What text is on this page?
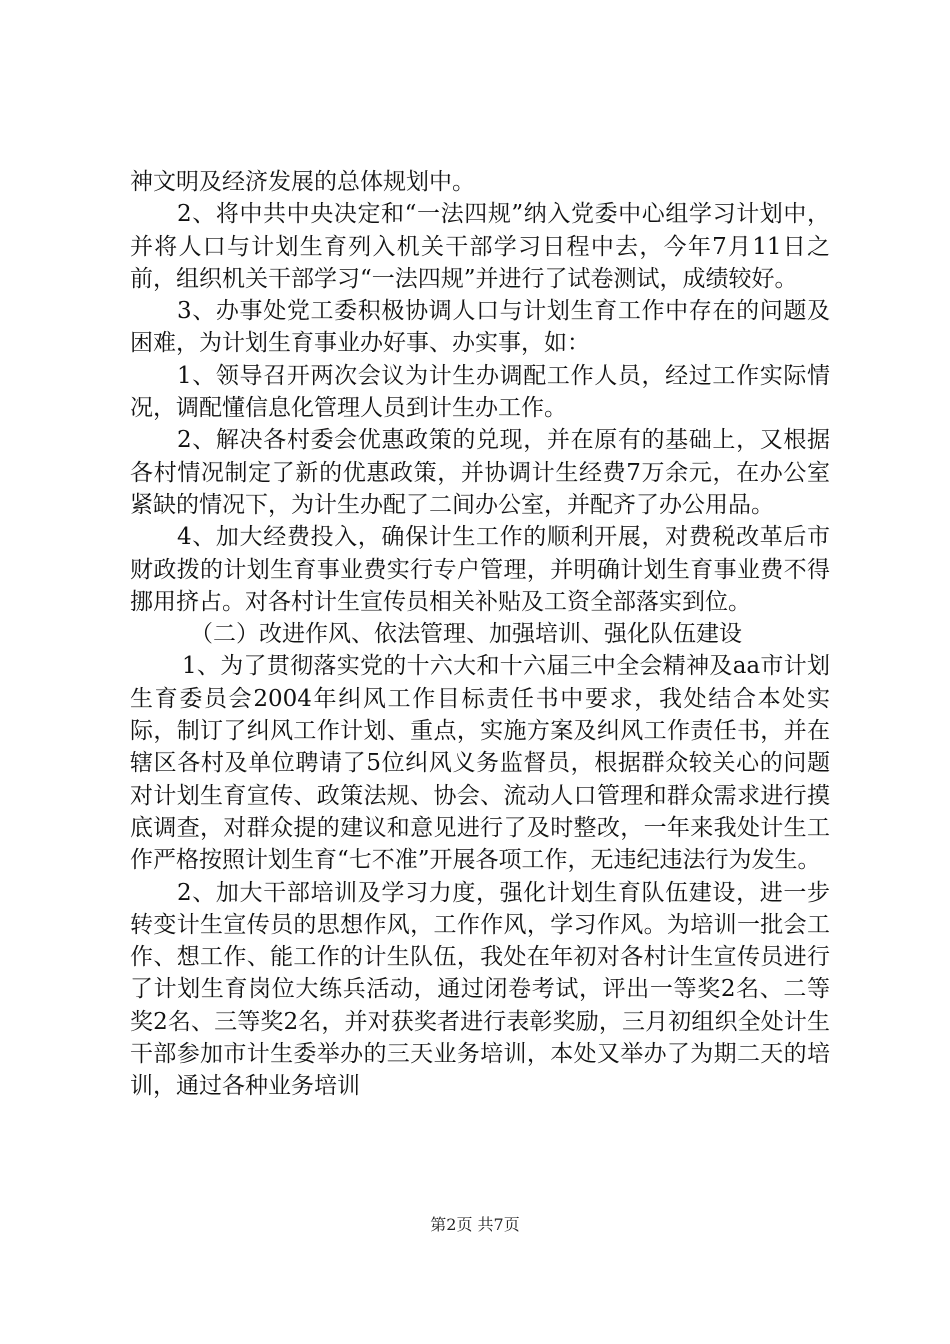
神文明及经济发展的总体规划中。

2、将中共中央决定和“一法四规”纳入党委中心组学习计划中，并将人口与计划生育列入机关干部学习日程中去，今年7月11日之前，组织机关干部学习“一法四规”并进行了试卷测试，成绩较好。

3、办事处党工委积极协调人口与计划生育工作中存在的问题及困难，为计划生育事业办好事、办实事，如：

1、领导召开两次会议为计生办调配工作人员，经过工作实际情况，调配懂信息化管理人员到计生办工作。

2、解决各村委会优惠政策的兑现，并在原有的基础上，又根据各村情况制定了新的优惠政策，并协调计生经费7万余元，在办公室紧缺的情况下，为计生办配了二间办公室，并配齐了办公用品。

4、加大经费投入，确保计生工作的顺利开展，对费税改革后市财政拨的计划生育事业费实行专户管理，并明确计划生育事业费不得挪用挤占。对各村计生宣传员相关补贴及工资全部落实到位。

（二）改进作风、依法管理、加强培训、强化队伍建设

1、为了贯彻落实党的十六大和十六届三中全会精神及aa市计划生育委员会2004年纠风工作目标责任书中要求，我处结合本处实际，制订了纠风工作计划、重点，实施方案及纠风工作责任书，并在辖区各村及单位聘请了5位纠风义务监督员，根据群众较关心的问题对计划生育宣传、政策法规、协会、流动人口管理和群众需求进行摸底调查，对群众提的建议和意见进行了及时整改，一年来我处计生工作严格按照计划生育“七不准”开展各项工作，无违纪违法行为发生。

2、加大干部培训及学习力度，强化计划生育队伍建设，进一步转变计生宣传员的思想作风，工作作风，学习作风。为培训一批会工作、想工作、能工作的计生队伍，我处在年初对各村计生宣传员进行了计划生育岗位大练兵活动，通过闭卷考试，评出一等奖2名、二等奖2名、三等奖2名，并对获奖者进行表彰奖励，三月初组织全处计生干部参加市计生委举办的三天业务培训，本处又举办了为期二天的培训，通过各种业务培训

第2页 共7页
